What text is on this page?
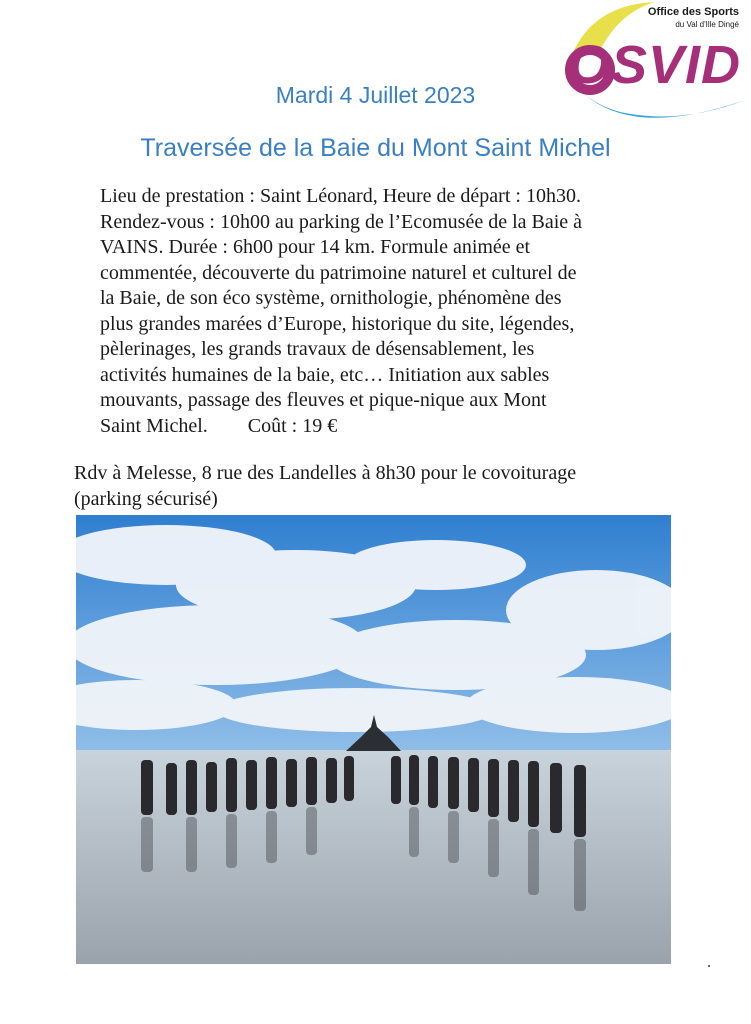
Office des Sports
du Val d'Ille Dingé
OSVID
Mardi 4 Juillet 2023
Traversée de la Baie du Mont Saint Michel

Lieu de prestation : Saint Léonard, Heure de départ : 10h30.
Rendez-vous : 10h00 au parking de l’Ecomusée de la Baie à
VAINS. Durée : 6h00 pour 14 km. Formule animée et
commentée, découverte du patrimoine naturel et culturel de
la Baie, de son éco système, ornithologie, phénomène des
plus grandes marées d’Europe, historique du site, légendes,
pèlerinages, les grands travaux de désensablement, les
activités humaines de la baie, etc… Initiation aux sables
mouvants, passage des fleuves et pique-nique aux Mont
Saint Michel.        Coût : 19 €

Rdv à Melesse, 8 rue des Landelles à 8h30 pour le covoiturage
(parking sécurisé)
